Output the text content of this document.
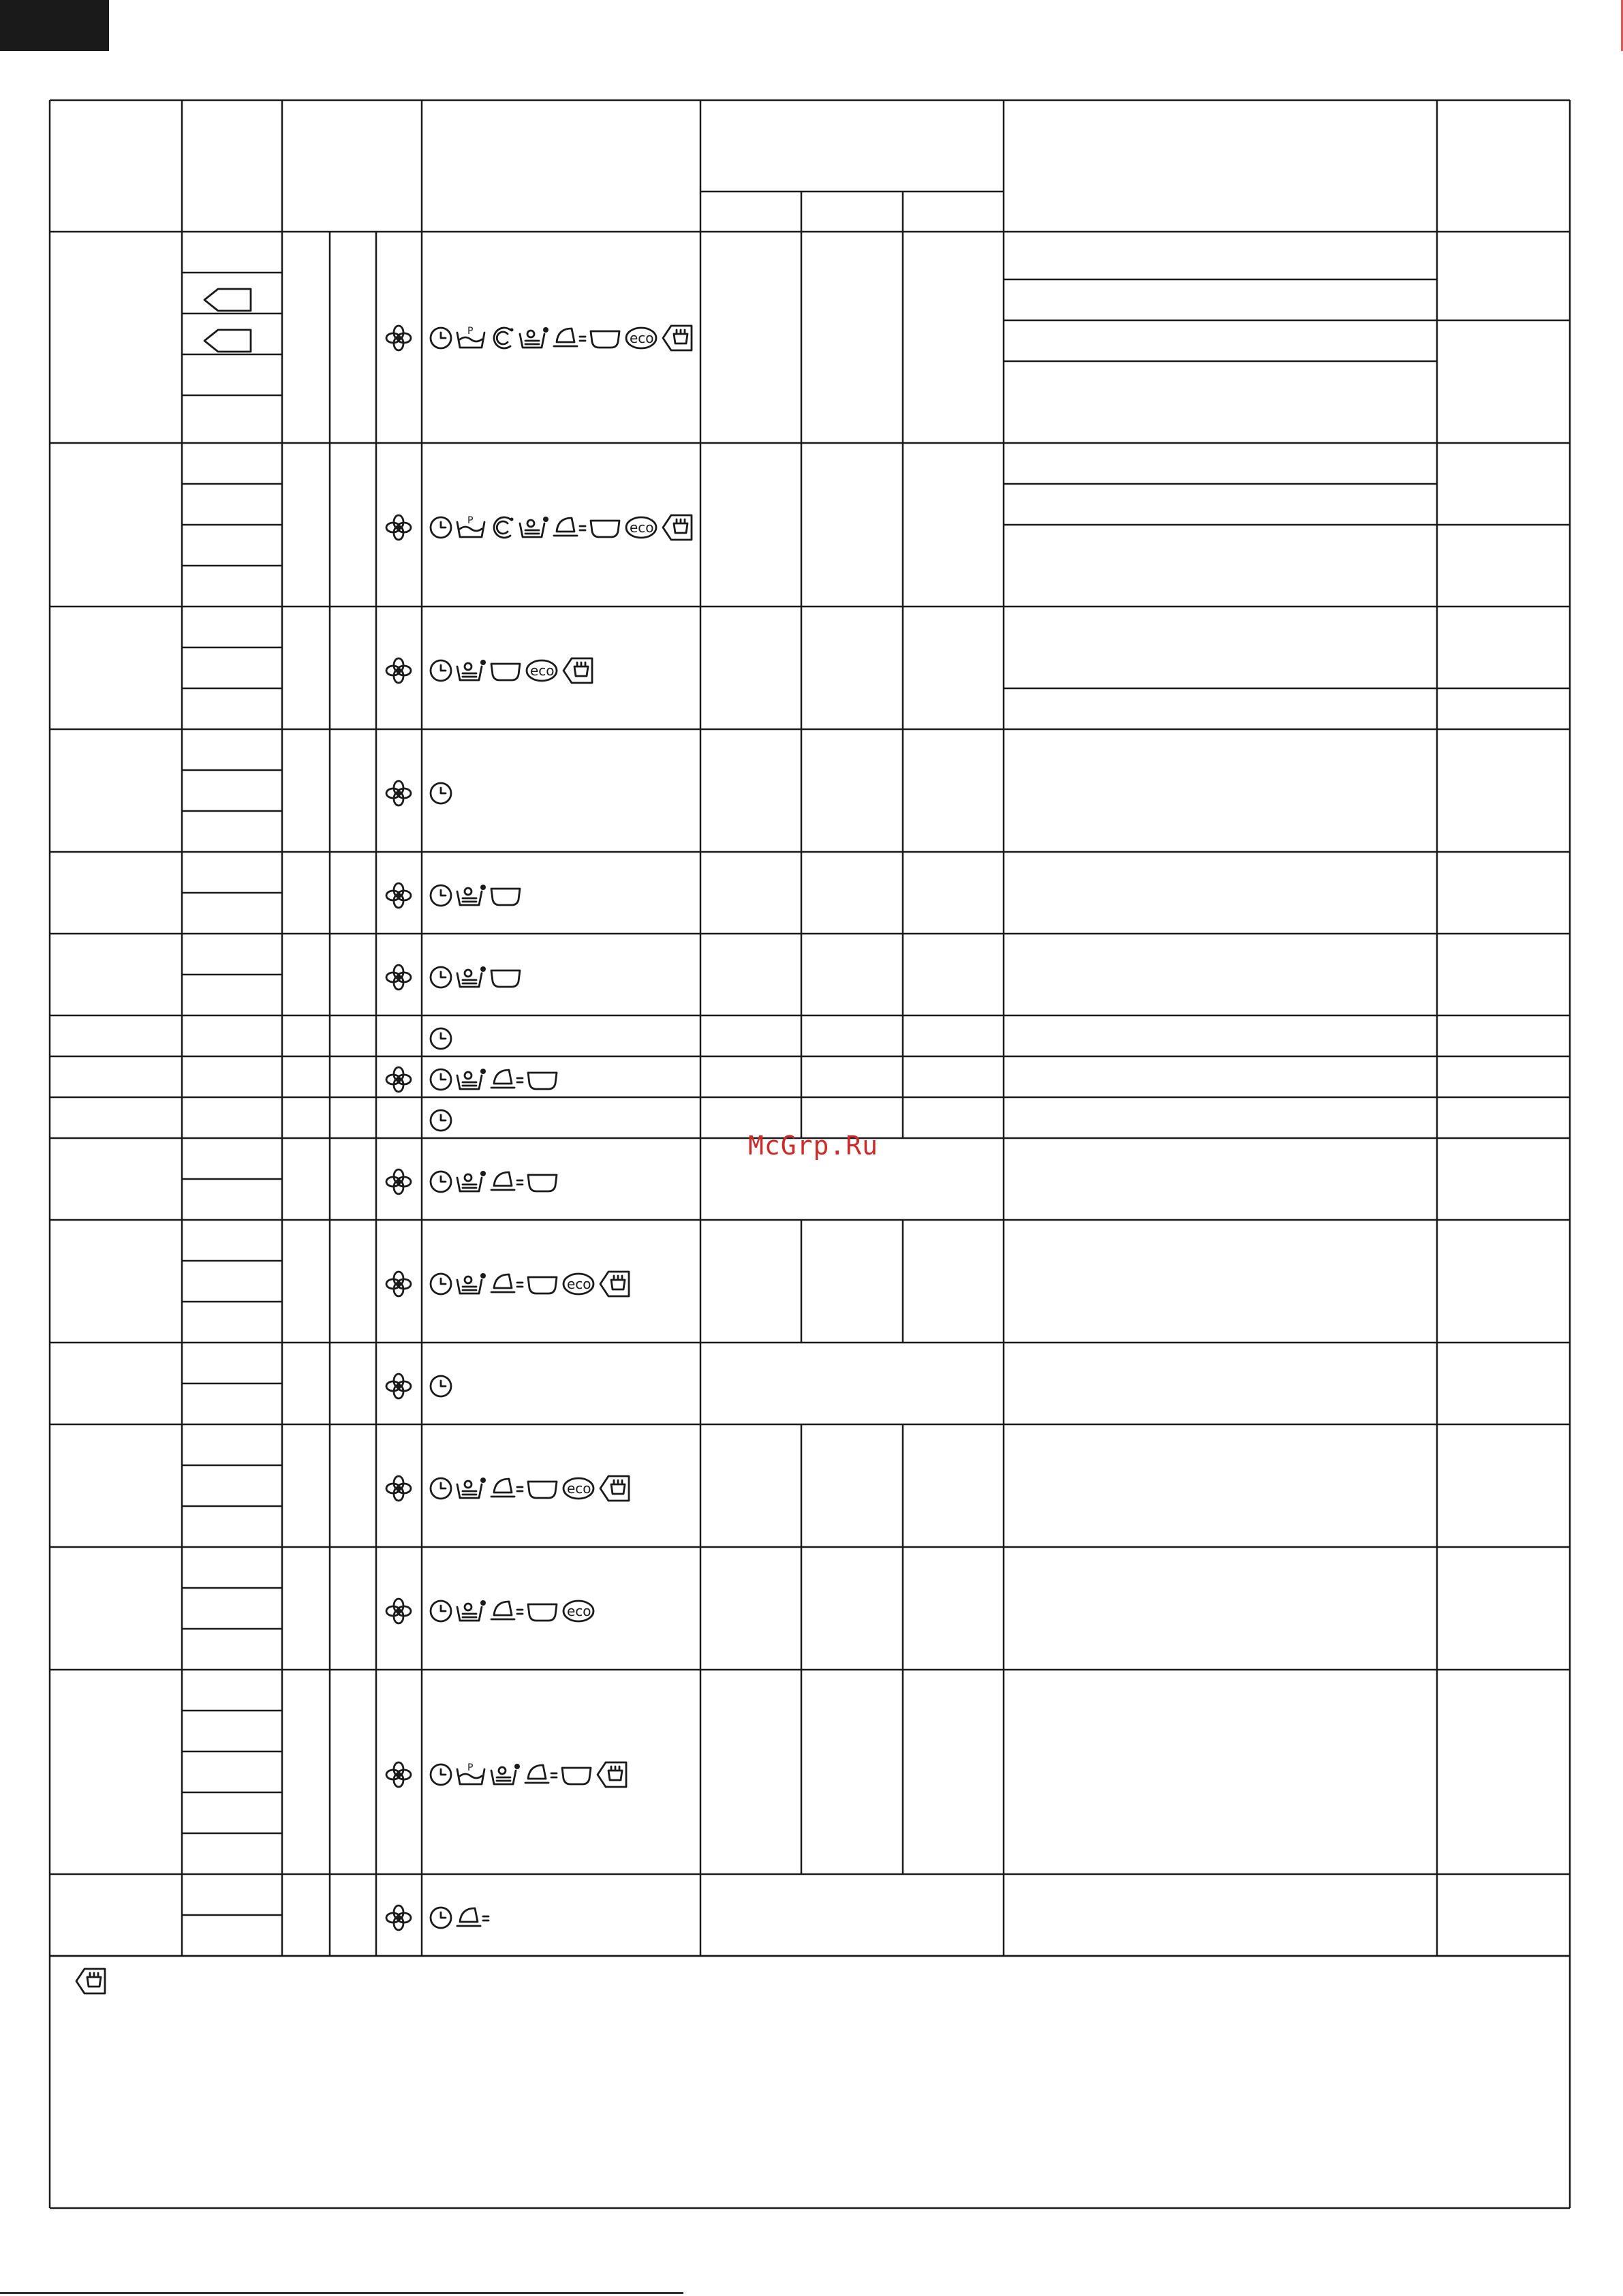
P	eco
P	eco
eco
eco
eco
eco
P
McGrp.Ru
